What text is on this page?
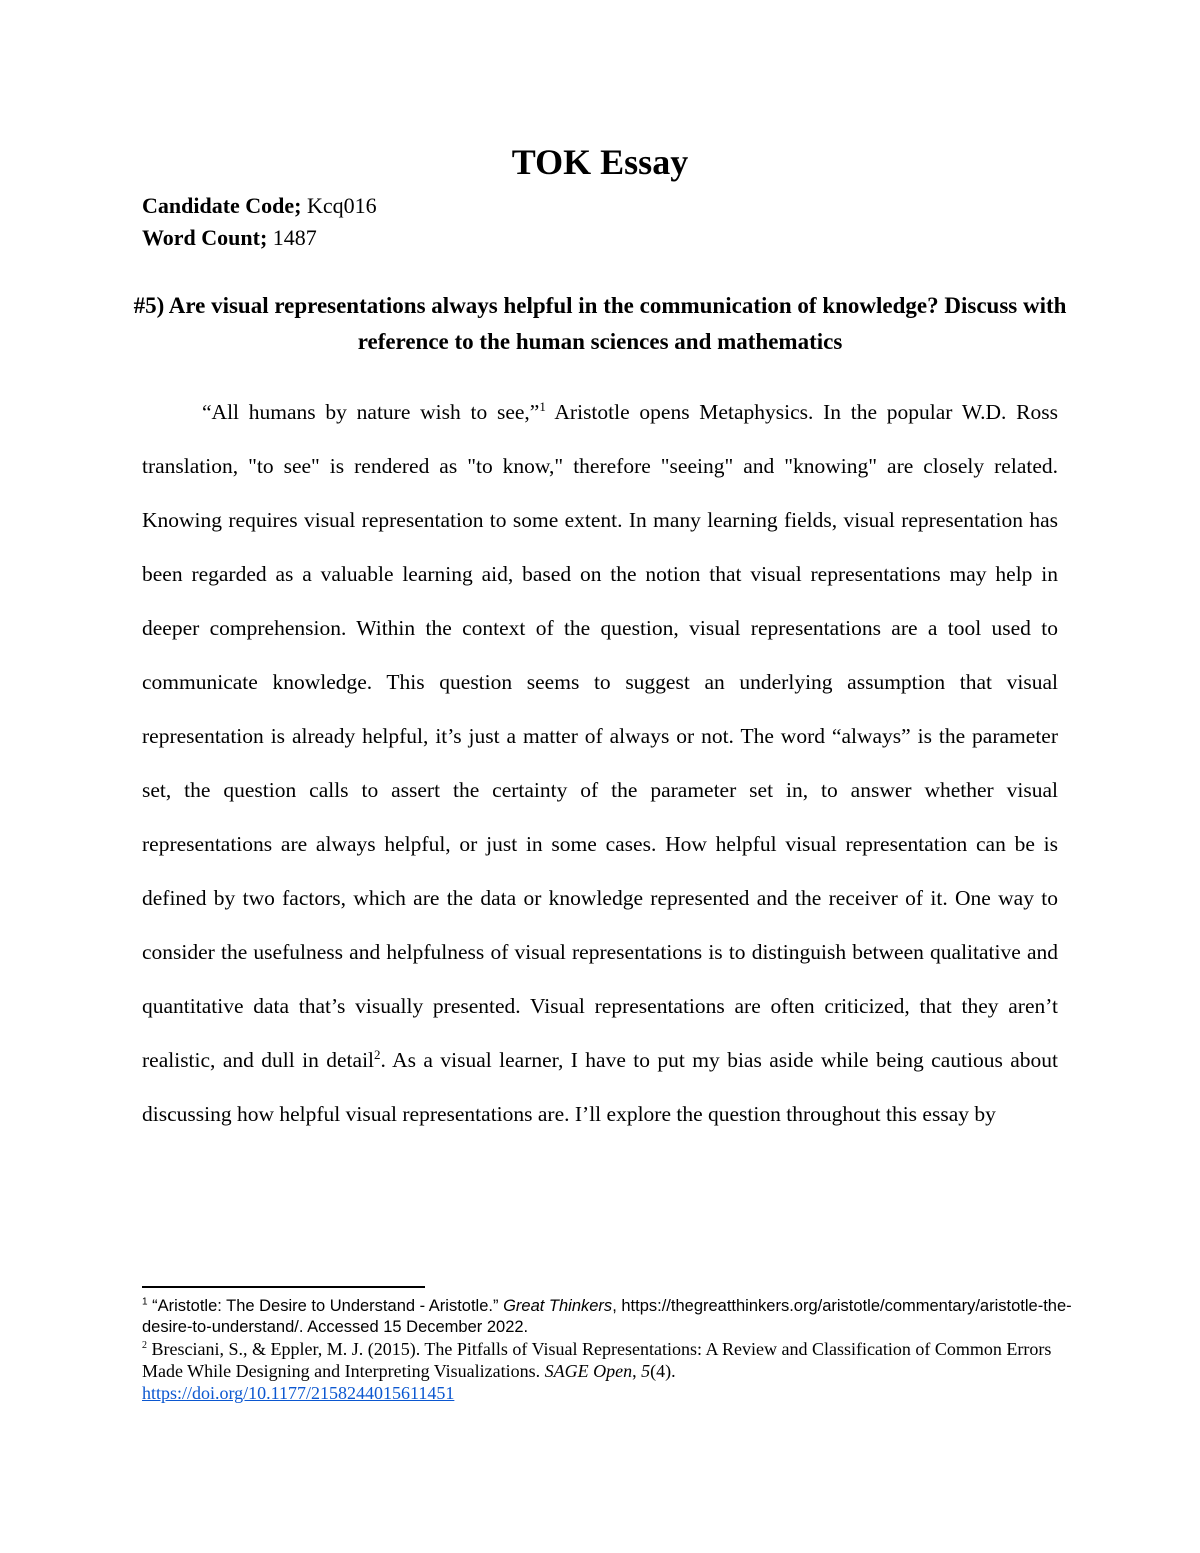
TOK Essay
Candidate Code; Kcq016
Word Count; 1487
#5) Are visual representations always helpful in the communication of knowledge? Discuss with reference to the human sciences and mathematics
“All humans by nature wish to see,”$^1$ Aristotle opens Metaphysics. In the popular W.D. Ross translation, "to see" is rendered as "to know," therefore "seeing" and "knowing" are closely related. Knowing requires visual representation to some extent. In many learning fields, visual representation has been regarded as a valuable learning aid, based on the notion that visual representations may help in deeper comprehension. Within the context of the question, visual representations are a tool used to communicate knowledge. This question seems to suggest an underlying assumption that visual representation is already helpful, it’s just a matter of always or not. The word “always” is the parameter set, the question calls to assert the certainty of the parameter set in, to answer whether visual representations are always helpful, or just in some cases. How helpful visual representation can be is defined by two factors, which are the data or knowledge represented and the receiver of it. One way to consider the usefulness and helpfulness of visual representations is to distinguish between qualitative and quantitative data that’s visually presented. Visual representations are often criticized, that they aren’t realistic, and dull in detail$^2$. As a visual learner, I have to put my bias aside while being cautious about discussing how helpful visual representations are. I’ll explore the question throughout this essay by
$^1$ “Aristotle: The Desire to Understand - Aristotle.” Great Thinkers, https://thegreatthinkers.org/aristotle/commentary/aristotle-the-desire-to-understand/. Accessed 15 December 2022.
$^2$ Bresciani, S., & Eppler, M. J. (2015). The Pitfalls of Visual Representations: A Review and Classification of Common Errors Made While Designing and Interpreting Visualizations. SAGE Open, 5(4).
https://doi.org/10.1177/2158244015611451
